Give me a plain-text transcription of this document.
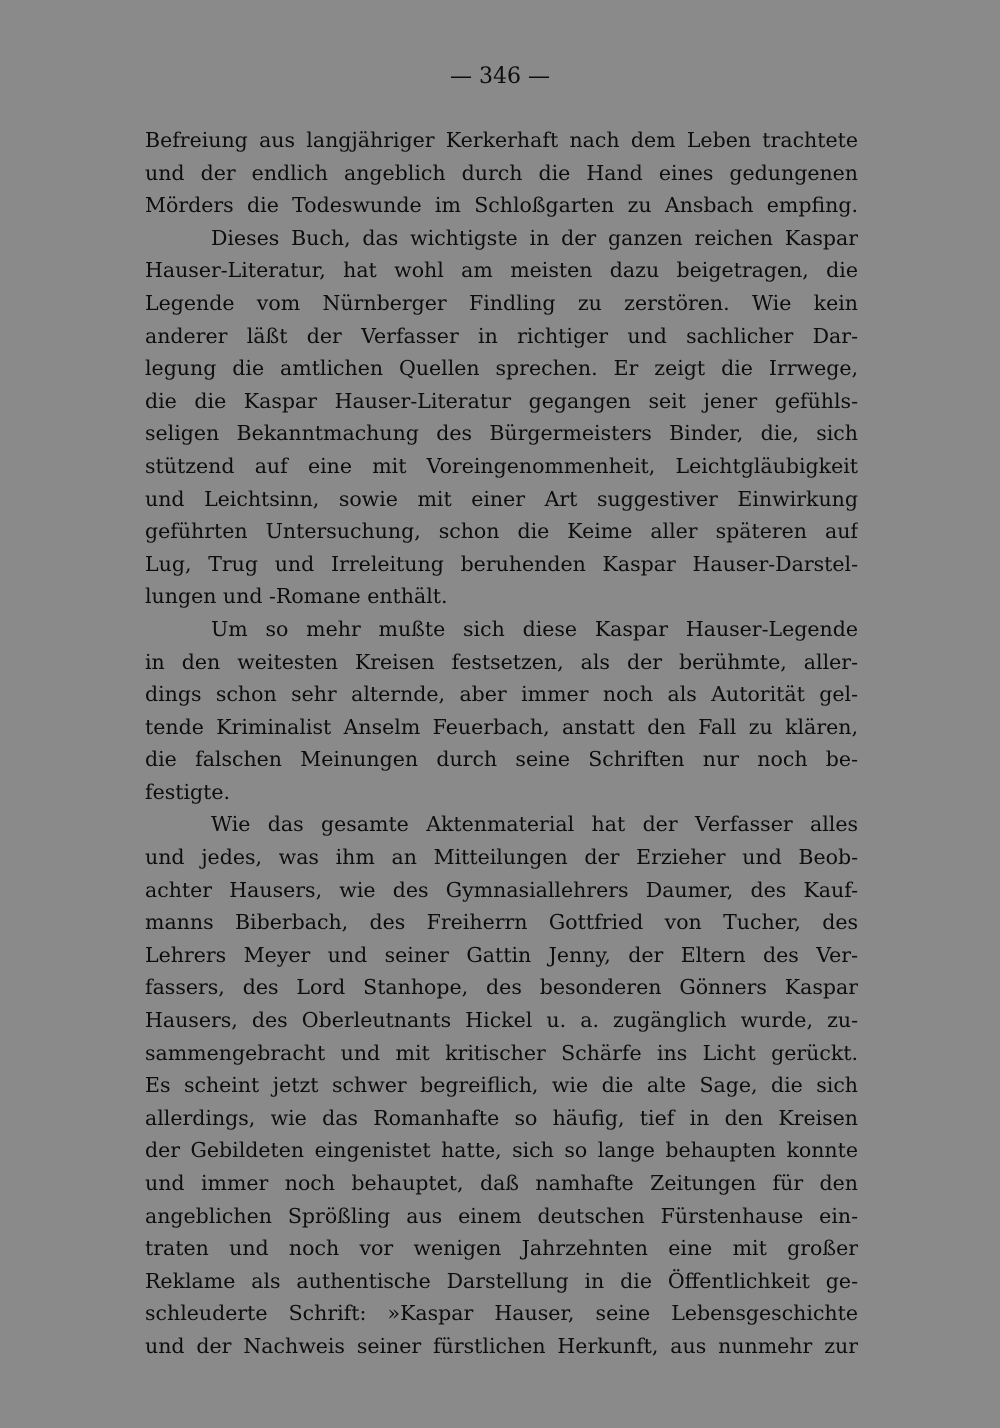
— 346 —
Befreiung aus langjähriger Kerkerhaft nach dem Leben trachtete
und der endlich angeblich durch die Hand eines gedungenen
Mörders die Todeswunde im Schloßgarten zu Ansbach empfing.
Dieses Buch, das wichtigste in der ganzen reichen Kaspar
Hauser-Literatur, hat wohl am meisten dazu beigetragen, die
Legende vom Nürnberger Findling zu zerstören. Wie kein
anderer läßt der Verfasser in richtiger und sachlicher Dar-
legung die amtlichen Quellen sprechen. Er zeigt die Irrwege,
die die Kaspar Hauser-Literatur gegangen seit jener gefühls-
seligen Bekanntmachung des Bürgermeisters Binder, die, sich
stützend auf eine mit Voreingenommenheit, Leichtgläubigkeit
und Leichtsinn, sowie mit einer Art suggestiver Einwirkung
geführten Untersuchung, schon die Keime aller späteren auf
Lug, Trug und Irreleitung beruhenden Kaspar Hauser-Darstel-
lungen und -Romane enthält.
Um so mehr mußte sich diese Kaspar Hauser-Legende
in den weitesten Kreisen festsetzen, als der berühmte, aller-
dings schon sehr alternde, aber immer noch als Autorität gel-
tende Kriminalist Anselm Feuerbach, anstatt den Fall zu klären,
die falschen Meinungen durch seine Schriften nur noch be-
festigte.
Wie das gesamte Aktenmaterial hat der Verfasser alles
und jedes, was ihm an Mitteilungen der Erzieher und Beob-
achter Hausers, wie des Gymnasiallehrers Daumer, des Kauf-
manns Biberbach, des Freiherrn Gottfried von Tucher, des
Lehrers Meyer und seiner Gattin Jenny, der Eltern des Ver-
fassers, des Lord Stanhope, des besonderen Gönners Kaspar
Hausers, des Oberleutnants Hickel u. a. zugänglich wurde, zu-
sammengebracht und mit kritischer Schärfe ins Licht gerückt.
Es scheint jetzt schwer begreiflich, wie die alte Sage, die sich
allerdings, wie das Romanhafte so häufig, tief in den Kreisen
der Gebildeten eingenistet hatte, sich so lange behaupten konnte
und immer noch behauptet, daß namhafte Zeitungen für den
angeblichen Sprößling aus einem deutschen Fürstenhause ein-
traten und noch vor wenigen Jahrzehnten eine mit großer
Reklame als authentische Darstellung in die Öffentlichkeit ge-
schleuderte Schrift: »Kaspar Hauser, seine Lebensgeschichte
und der Nachweis seiner fürstlichen Herkunft, aus nunmehr zur
